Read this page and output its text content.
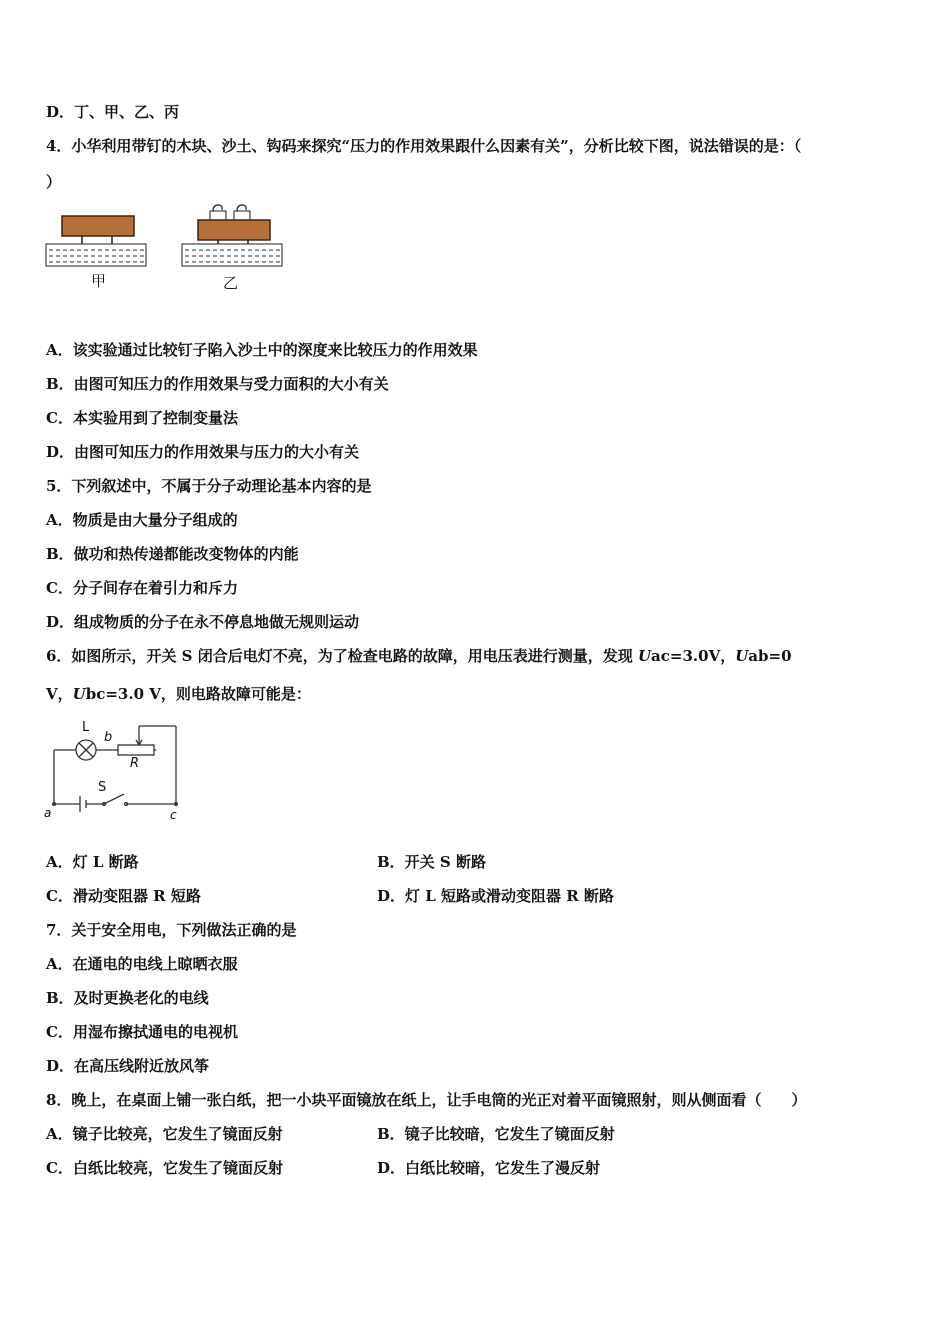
D．丁、甲、乙、丙
4．小华利用带钉的木块、沙土、钩码来探究“压力的作用效果跟什么因素有关”，分析比较下图，说法错误的是：（
）
甲	乙
A．该实验通过比较钉子陷入沙土中的深度来比较压力的作用效果
B．由图可知压力的作用效果与受力面积的大小有关
C．本实验用到了控制变量法
D．由图可知压力的作用效果与压力的大小有关
5．下列叙述中，不属于分子动理论基本内容的是
A．物质是由大量分子组成的
B．做功和热传递都能改变物体的内能
C．分子间存在着引力和斥力
D．组成物质的分子在永不停息地做无规则运动
6．如图所示，开关 S 闭合后电灯不亮，为了检查电路的故障，用电压表进行测量，发现 Uac=3.0V，Uab=0
V，Ubc=3.0 V，则电路故障可能是：
L
b
R
S
a	c
A．灯 L 断路	B．开关 S 断路
C．滑动变阻器 R 短路	D．灯 L 短路或滑动变阻器 R 断路
7．关于安全用电，下列做法正确的是
A．在通电的电线上晾晒衣服
B．及时更换老化的电线
C．用湿布擦拭通电的电视机
D．在高压线附近放风筝
8．晚上，在桌面上铺一张白纸，把一小块平面镜放在纸上，让手电筒的光正对着平面镜照射，则从侧面看（　　）
A．镜子比较亮，它发生了镜面反射	B．镜子比较暗，它发生了镜面反射
C．白纸比较亮，它发生了镜面反射	D．白纸比较暗，它发生了漫反射
